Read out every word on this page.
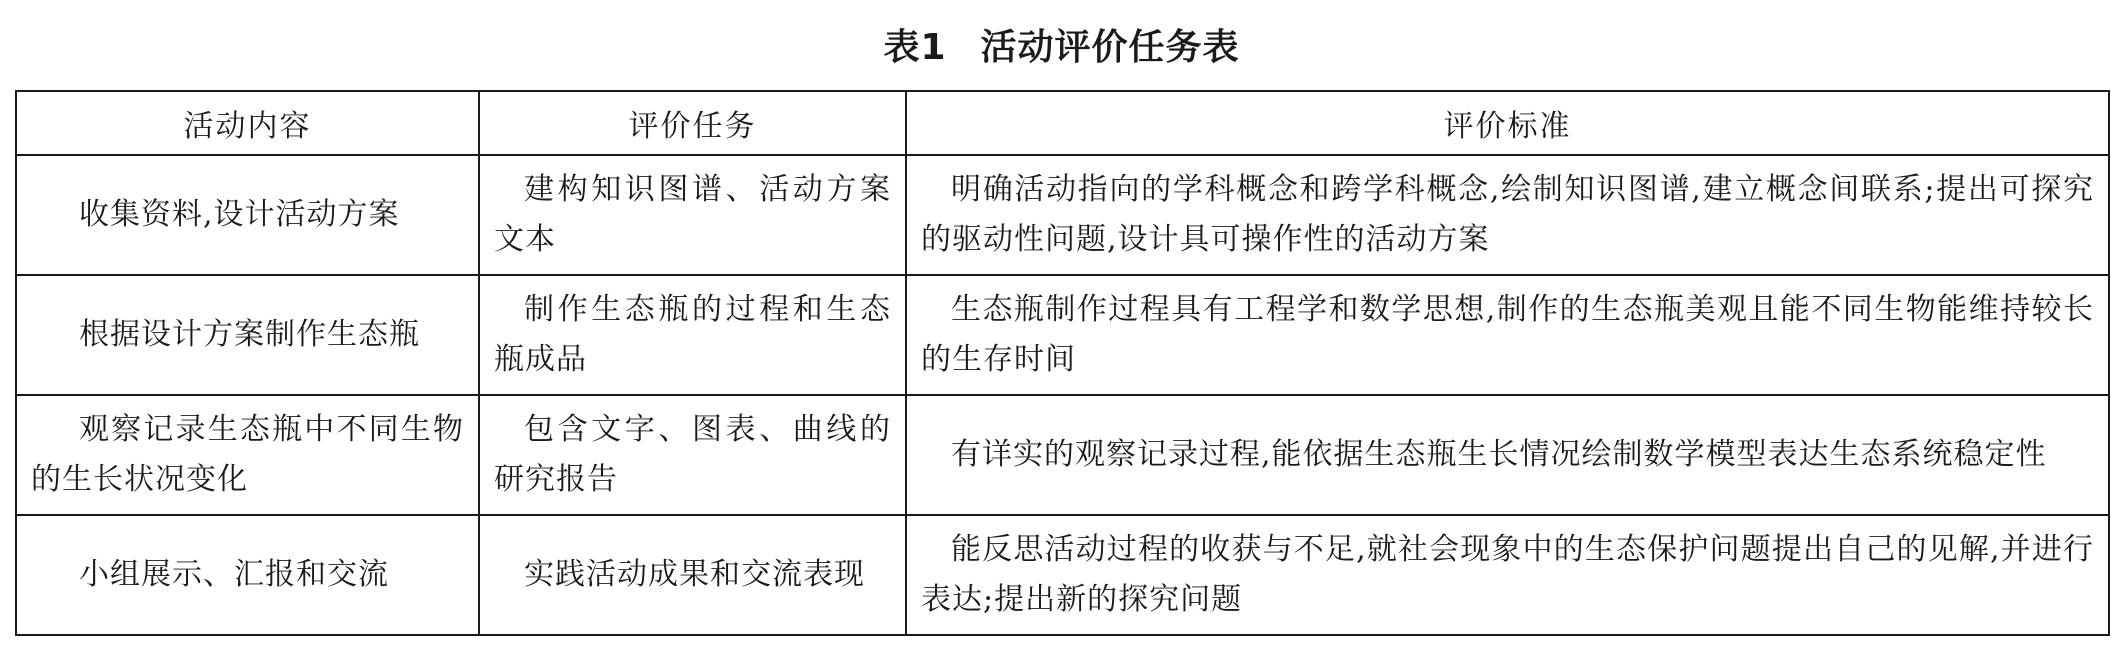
表1 活动评价任务表
活动内容	评价任务	评价标准

收集资料,设计活动方案	建构知识图谱、活动方案文本	明确活动指向的学科概念和跨学科概念,绘制知识图谱,建立概念间联系;提出可探究的驱动性问题,设计具可操作性的活动方案

根据设计方案制作生态瓶	制作生态瓶的过程和生态瓶成品	生态瓶制作过程具有工程学和数学思想,制作的生态瓶美观且能不同生物能维持较长的生存时间

观察记录生态瓶中不同生物的生长状况变化	包含文字、图表、曲线的研究报告	有详实的观察记录过程,能依据生态瓶生长情况绘制数学模型表达生态系统稳定性

小组展示、汇报和交流	实践活动成果和交流表现	能反思活动过程的收获与不足,就社会现象中的生态保护问题提出自己的见解,并进行表达;提出新的探究问题
